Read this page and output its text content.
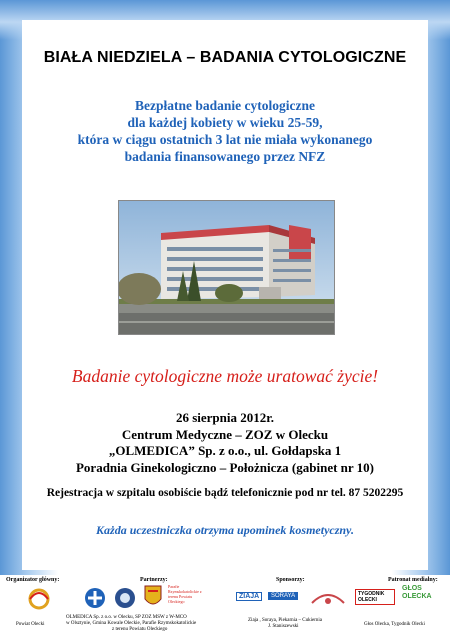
BIAŁA NIEDZIELA – BADANIA CYTOLOGICZNE
Bezpłatne badanie cytologiczne
dla każdej kobiety w wieku 25-59,
która w ciągu ostatnich 3 lat nie miała wykonanego
badania finansowanego przez NFZ
Badanie cytologiczne może uratować życie!
26 sierpnia 2012r.
Centrum Medyczne – ZOZ w Olecku
„OLMEDICA” Sp. z o.o., ul. Gołdapska 1
Poradnia Ginekologiczno – Położnicza (gabinet nr 10)
Rejestracja w szpitalu osobiście bądź telefonicznie pod nr tel. 87 5202295
Każda uczestniczka otrzyma upominek kosmetyczny.
Organizator główny:	Partnerzy:	Sponsorzy:	Patronat medialny:
Powiat Olecki
Parafie Rzymskokatolickie z terenu Powiatu Oleckiego
OLMEDICA Sp. z o.o. w Olecku, SP ZOZ MSW z W-MCO
w Olsztynie, Gmina Kowale Oleckie, Parafie Rzymskokatolickie
z terenu Powiatu Oleckiego
ZIAJA	SORAYA
Ziaja , Soraya, Piekarnia – Cukiernia
J. Staniszewski
TYGODNIK OLECKI
GŁOS
OLECKA
Głos Olecka, Tygodnik Olecki
